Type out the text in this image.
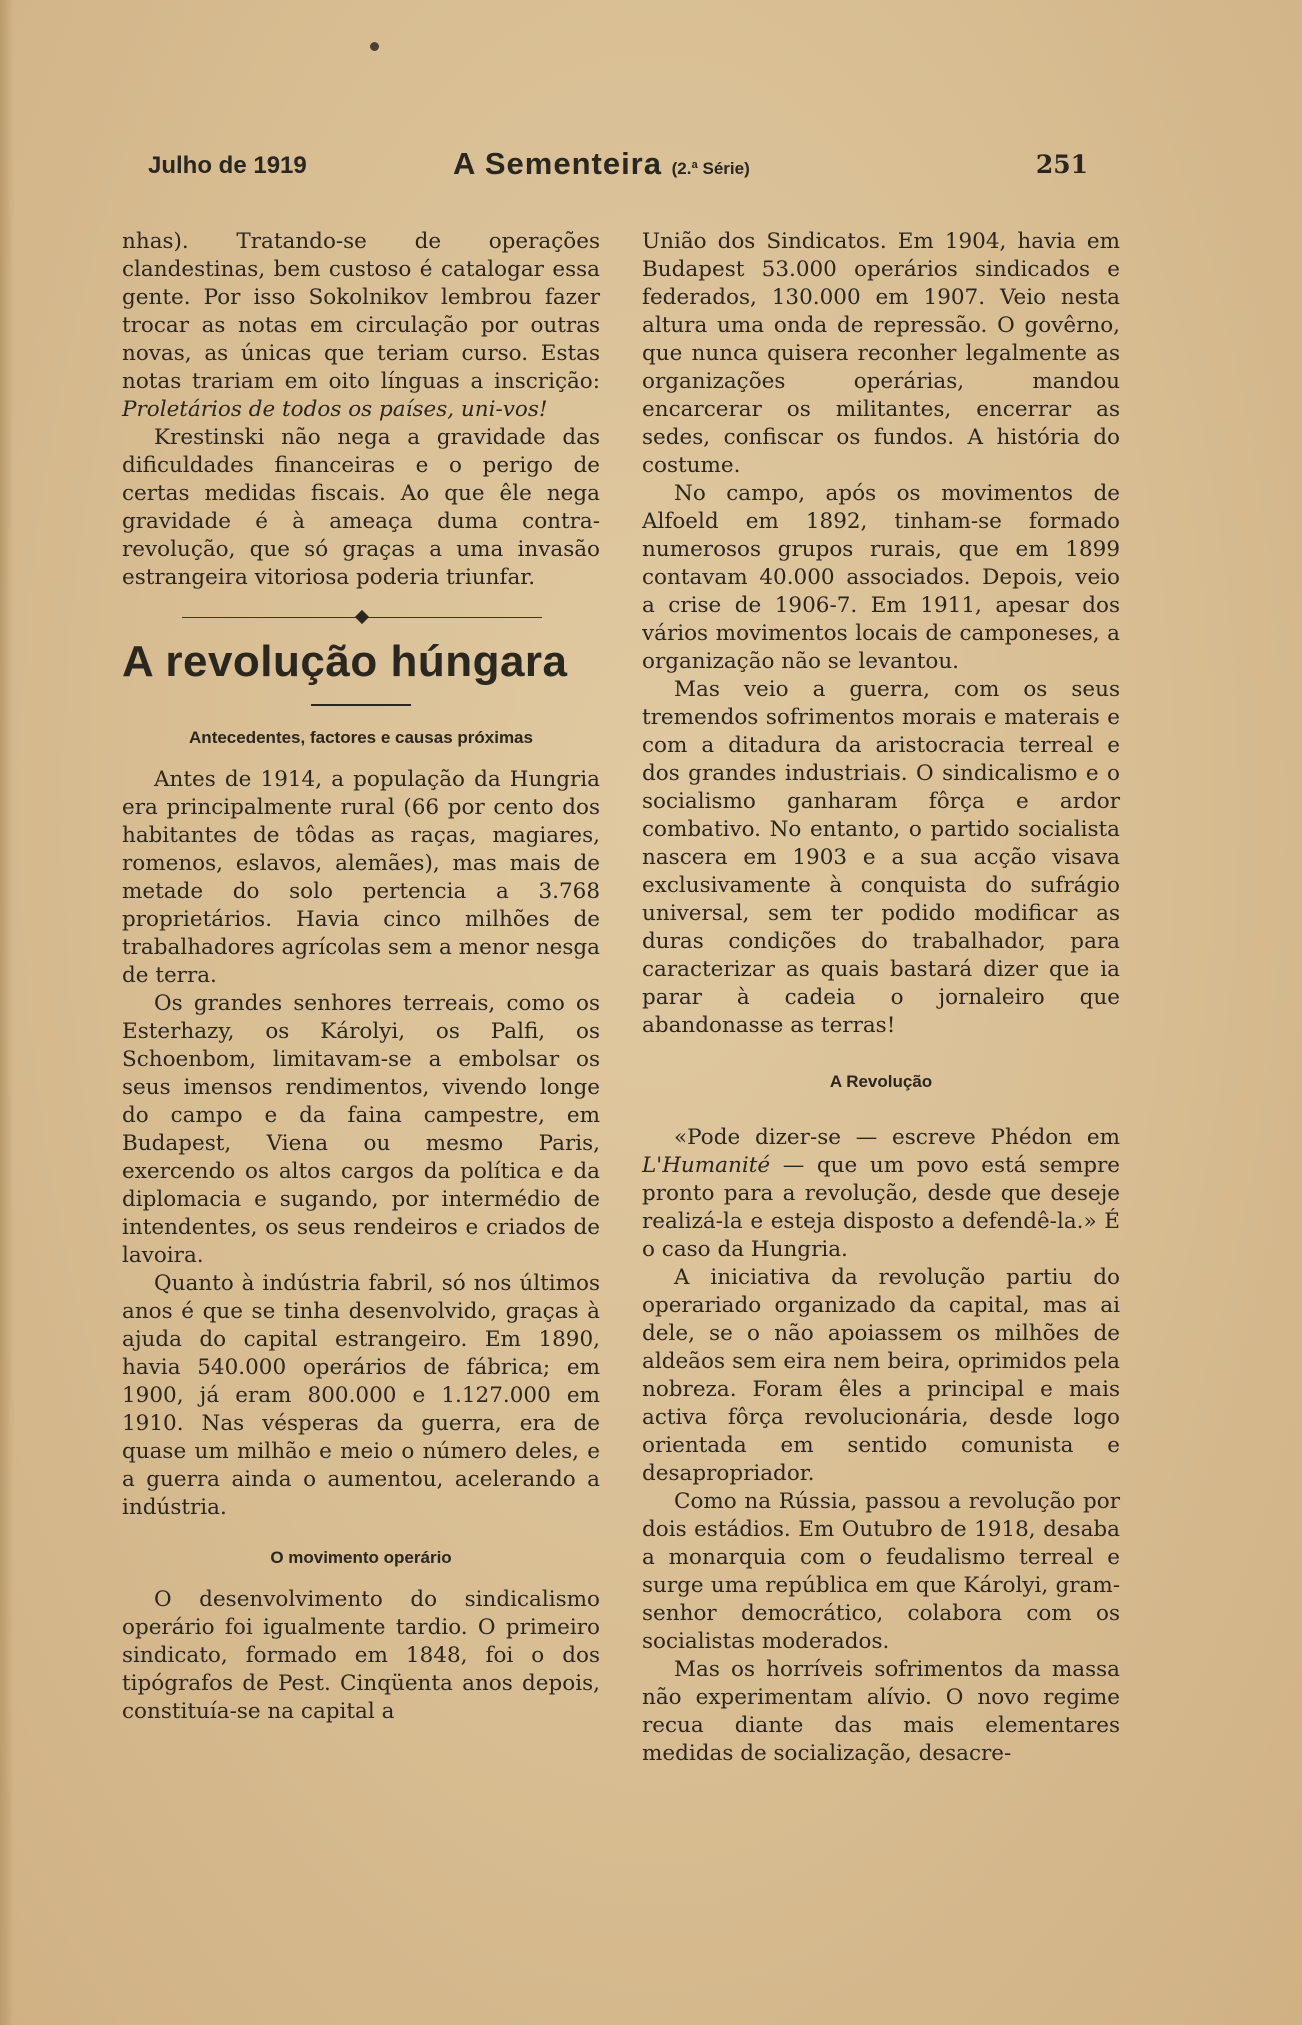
Julho de 1919	A Sementeira (2.ª Série)	251

nhas). Tratando-se de operações clandestinas, bem custoso é catalogar essa gente. Por isso Sokolnikov lembrou fazer trocar as notas em circulação por outras novas, as únicas que teriam curso. Estas notas trariam em oito línguas a inscrição: Proletários de todos os países, uni-vos!

Krestinski não nega a gravidade das dificuldades financeiras e o perigo de certas medidas fiscais. Ao que êle nega gravidade é à ameaça duma contra-revolução, que só graças a uma invasão estrangeira vitoriosa poderia triunfar.

A revolução húngara
Antecedentes, factores e causas próximas

Antes de 1914, a população da Hungria era principalmente rural (66 por cento dos habitantes de tôdas as raças, magiares, romenos, eslavos, alemães), mas mais de metade do solo pertencia a 3.768 proprietários. Havia cinco milhões de trabalhadores agrícolas sem a menor nesga de terra.

Os grandes senhores terreais, como os Esterhazy, os Károlyi, os Palfi, os Schoenbom, limitavam-se a embolsar os seus imensos rendimentos, vivendo longe do campo e da faina campestre, em Budapest, Viena ou mesmo Paris, exercendo os altos cargos da política e da diplomacia e sugando, por intermédio de intendentes, os seus rendeiros e criados de lavoira.

Quanto à indústria fabril, só nos últimos anos é que se tinha desenvolvido, graças à ajuda do capital estrangeiro. Em 1890, havia 540.000 operários de fábrica; em 1900, já eram 800.000 e 1.127.000 em 1910. Nas vésperas da guerra, era de quase um milhão e meio o número deles, e a guerra ainda o aumentou, acelerando a indústria.

O movimento operário

O desenvolvimento do sindicalismo operário foi igualmente tardio. O primeiro sindicato, formado em 1848, foi o dos tipógrafos de Pest. Cinqüenta anos depois, constituía-se na capital a

União dos Sindicatos. Em 1904, havia em Budapest 53.000 operários sindicados e federados, 130.000 em 1907. Veio nesta altura uma onda de repressão. O govêrno, que nunca quisera reconher legalmente as organizações operárias, mandou encarcerar os militantes, encerrar as sedes, confiscar os fundos. A história do costume.

No campo, após os movimentos de Alfoeld em 1892, tinham-se formado numerosos grupos rurais, que em 1899 contavam 40.000 associados. Depois, veio a crise de 1906-7. Em 1911, apesar dos vários movimentos locais de camponeses, a organização não se levantou.

Mas veio a guerra, com os seus tremendos sofrimentos morais e materais e com a ditadura da aristocracia terreal e dos grandes industriais. O sindicalismo e o socialismo ganharam fôrça e ardor combativo. No entanto, o partido socialista nascera em 1903 e a sua acção visava exclusivamente à conquista do sufrágio universal, sem ter podido modificar as duras condições do trabalhador, para caracterizar as quais bastará dizer que ia parar à cadeia o jornaleiro que abandonasse as terras!

A Revolução

«Pode dizer-se — escreve Phédon em L'Humanité — que um povo está sempre pronto para a revolução, desde que deseje realizá-la e esteja disposto a defendê-la.» É o caso da Hungria.

A iniciativa da revolução partiu do operariado organizado da capital, mas ai dele, se o não apoiassem os milhões de aldeãos sem eira nem beira, oprimidos pela nobreza. Foram êles a principal e mais activa fôrça revolucionária, desde logo orientada em sentido comunista e desapropriador.

Como na Rússia, passou a revolução por dois estádios. Em Outubro de 1918, desaba a monarquia com o feudalismo terreal e surge uma república em que Károlyi, gram-senhor democrático, colabora com os socialistas moderados.

Mas os horríveis sofrimentos da massa não experimentam alívio. O novo regime recua diante das mais elementares medidas de socialização, desacre-
